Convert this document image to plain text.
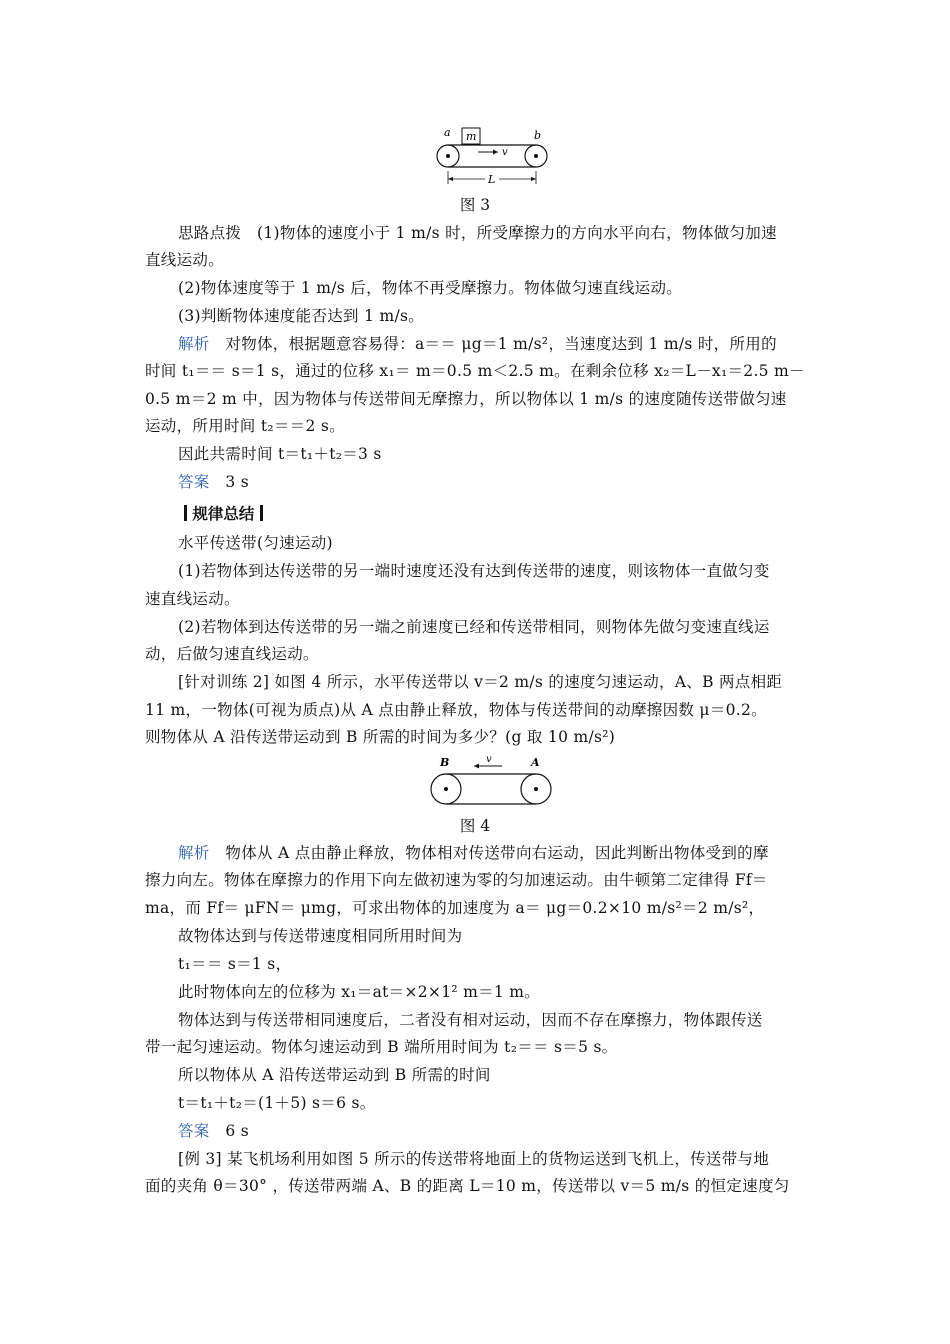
a m	b
v
L
图 3
思路点拨　(1)物体的速度小于 1 m/s 时，所受摩擦力的方向水平向右，物体做匀加速
直线运动。
(2)物体速度等于 1 m/s 后，物体不再受摩擦力。物体做匀速直线运动。
(3)判断物体速度能否达到 1 m/s。
解析　对物体，根据题意容易得：a＝＝ μg＝1 m/s²，当速度达到 1 m/s 时，所用的
时间 t₁＝＝ s＝1 s，通过的位移 x₁＝ m＝0.5 m＜2.5 m。在剩余位移 x₂＝L－x₁＝2.5 m－
0.5 m＝2 m 中，因为物体与传送带间无摩擦力，所以物体以 1 m/s 的速度随传送带做匀速
运动，所用时间 t₂＝＝2 s。
因此共需时间 t＝t₁＋t₂＝3 s
答案　3 s
规律总结
水平传送带(匀速运动)
(1)若物体到达传送带的另一端时速度还没有达到传送带的速度，则该物体一直做匀变
速直线运动。
(2)若物体到达传送带的另一端之前速度已经和传送带相同，则物体先做匀变速直线运
动，后做匀速直线运动。
[针对训练 2] 如图 4 所示，水平传送带以 v＝2 m/s 的速度匀速运动，A、B 两点相距
11 m，一物体(可视为质点)从 A 点由静止释放，物体与传送带间的动摩擦因数 μ＝0.2。
则物体从 A 沿传送带运动到 B 所需的时间为多少？(g 取 10 m/s²)
B	v	A
图 4
解析　物体从 A 点由静止释放，物体相对传送带向右运动，因此判断出物体受到的摩
擦力向左。物体在摩擦力的作用下向左做初速为零的匀加速运动。由牛顿第二定律得 Ff＝
ma，而 Ff＝ μFN＝ μmg，可求出物体的加速度为 a＝ μg＝0.2×10 m/s²＝2 m/s²，
故物体达到与传送带速度相同所用时间为
t₁＝＝ s＝1 s，
此时物体向左的位移为 x₁＝at＝×2×1² m＝1 m。
物体达到与传送带相同速度后，二者没有相对运动，因而不存在摩擦力，物体跟传送
带一起匀速运动。物体匀速运动到 B 端所用时间为 t₂＝＝ s＝5 s。
所以物体从 A 沿传送带运动到 B 所需的时间
t＝t₁＋t₂＝(1＋5) s＝6 s。
答案　6 s
[例 3] 某飞机场利用如图 5 所示的传送带将地面上的货物运送到飞机上，传送带与地
面的夹角 θ＝30° ，传送带两端 A、B 的距离 L＝10 m，传送带以 v＝5 m/s 的恒定速度匀
